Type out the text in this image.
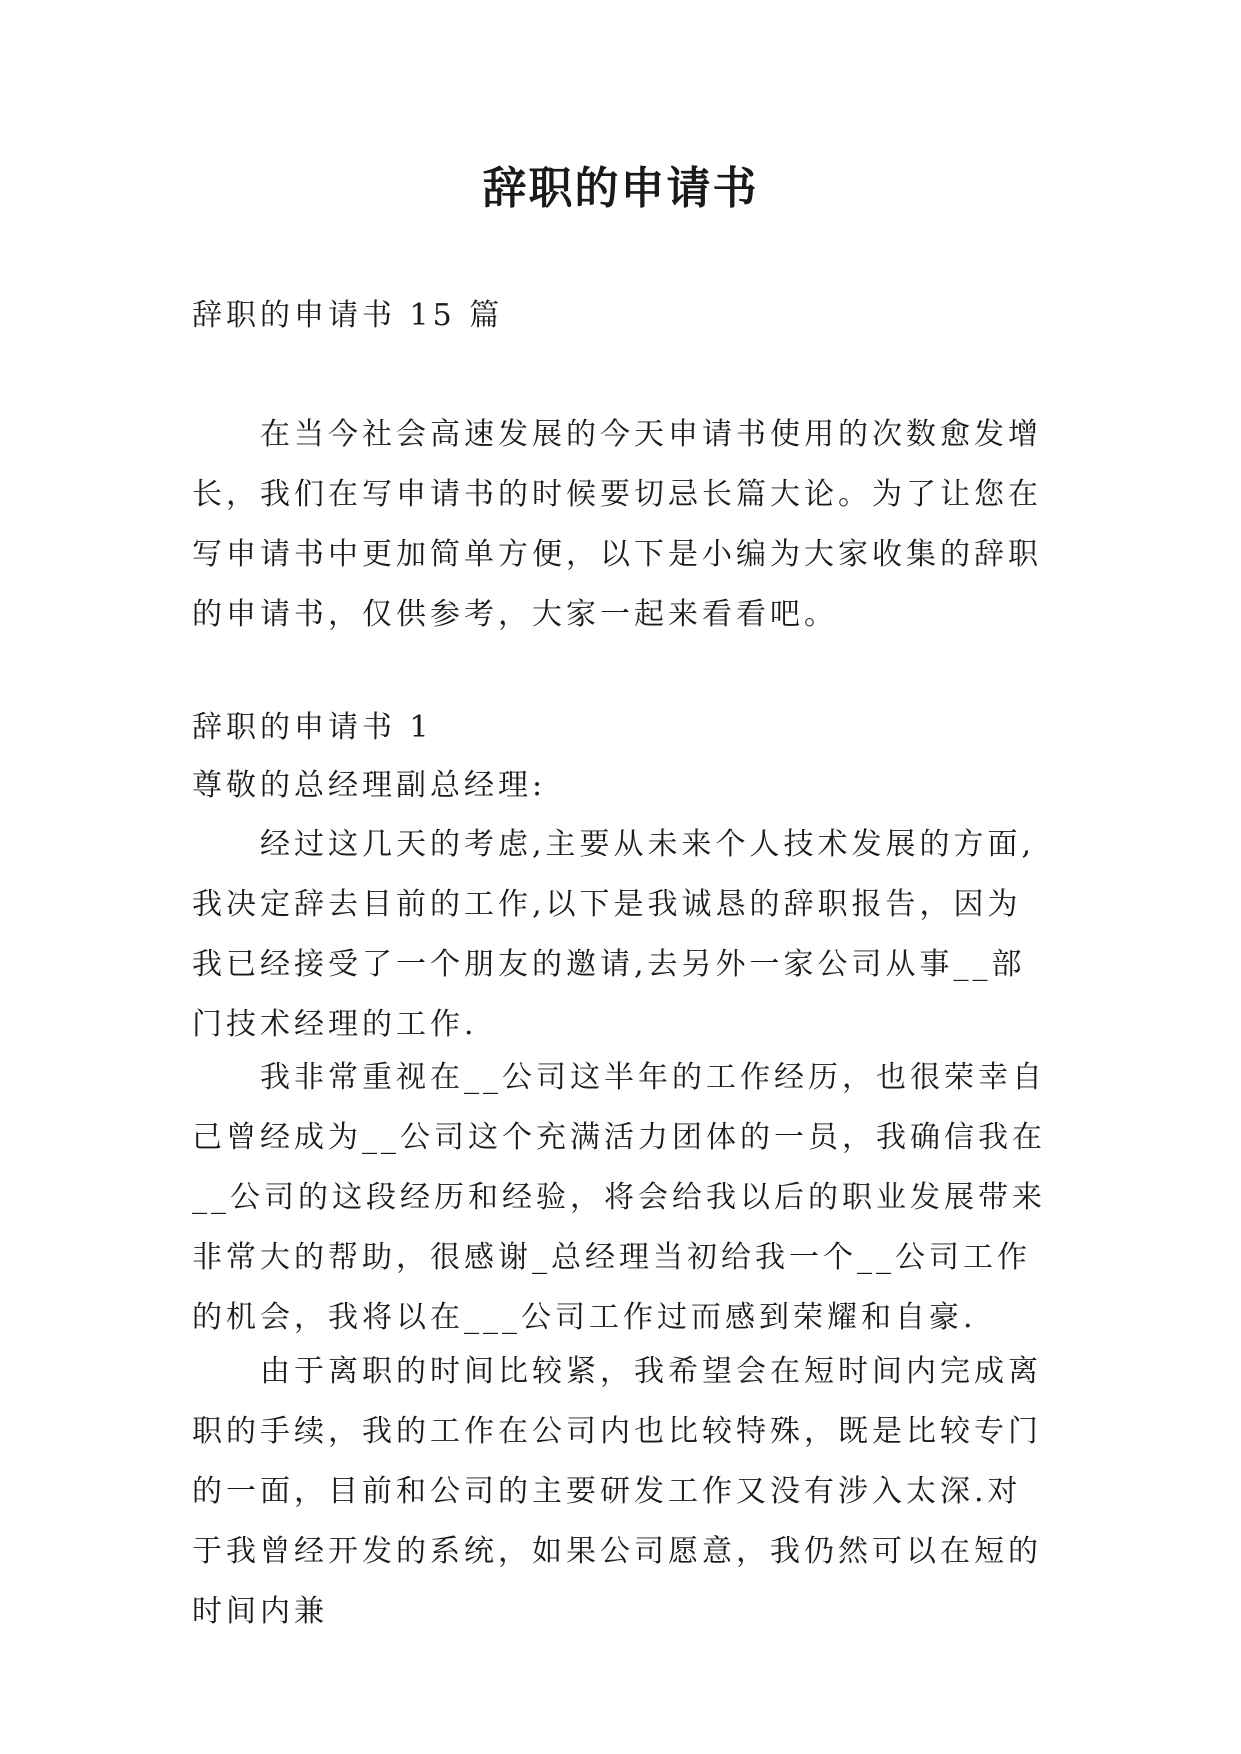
辞职的申请书

辞职的申请书 15 篇

在当今社会高速发展的今天申请书使用的次数愈发增长，我们在写申请书的时候要切忌长篇大论。为了让您在写申请书中更加简单方便，以下是小编为大家收集的辞职的申请书，仅供参考，大家一起来看看吧。

辞职的申请书 1

尊敬的总经理副总经理:

经过这几天的考虑,主要从未来个人技术发展的方面,我决定辞去目前的工作,以下是我诚恳的辞职报告，因为我已经接受了一个朋友的邀请,去另外一家公司从事__部门技术经理的工作.

我非常重视在__公司这半年的工作经历，也很荣幸自己曾经成为__公司这个充满活力团体的一员，我确信我在__公司的这段经历和经验，将会给我以后的职业发展带来非常大的帮助，很感谢_总经理当初给我一个__公司工作的机会，我将以在___公司工作过而感到荣耀和自豪.

由于离职的时间比较紧，我希望会在短时间内完成离职的手续，我的工作在公司内也比较特殊，既是比较专门的一面，目前和公司的主要研发工作又没有涉入太深.对于我曾经开发的系统，如果公司愿意，我仍然可以在短的时间内兼
